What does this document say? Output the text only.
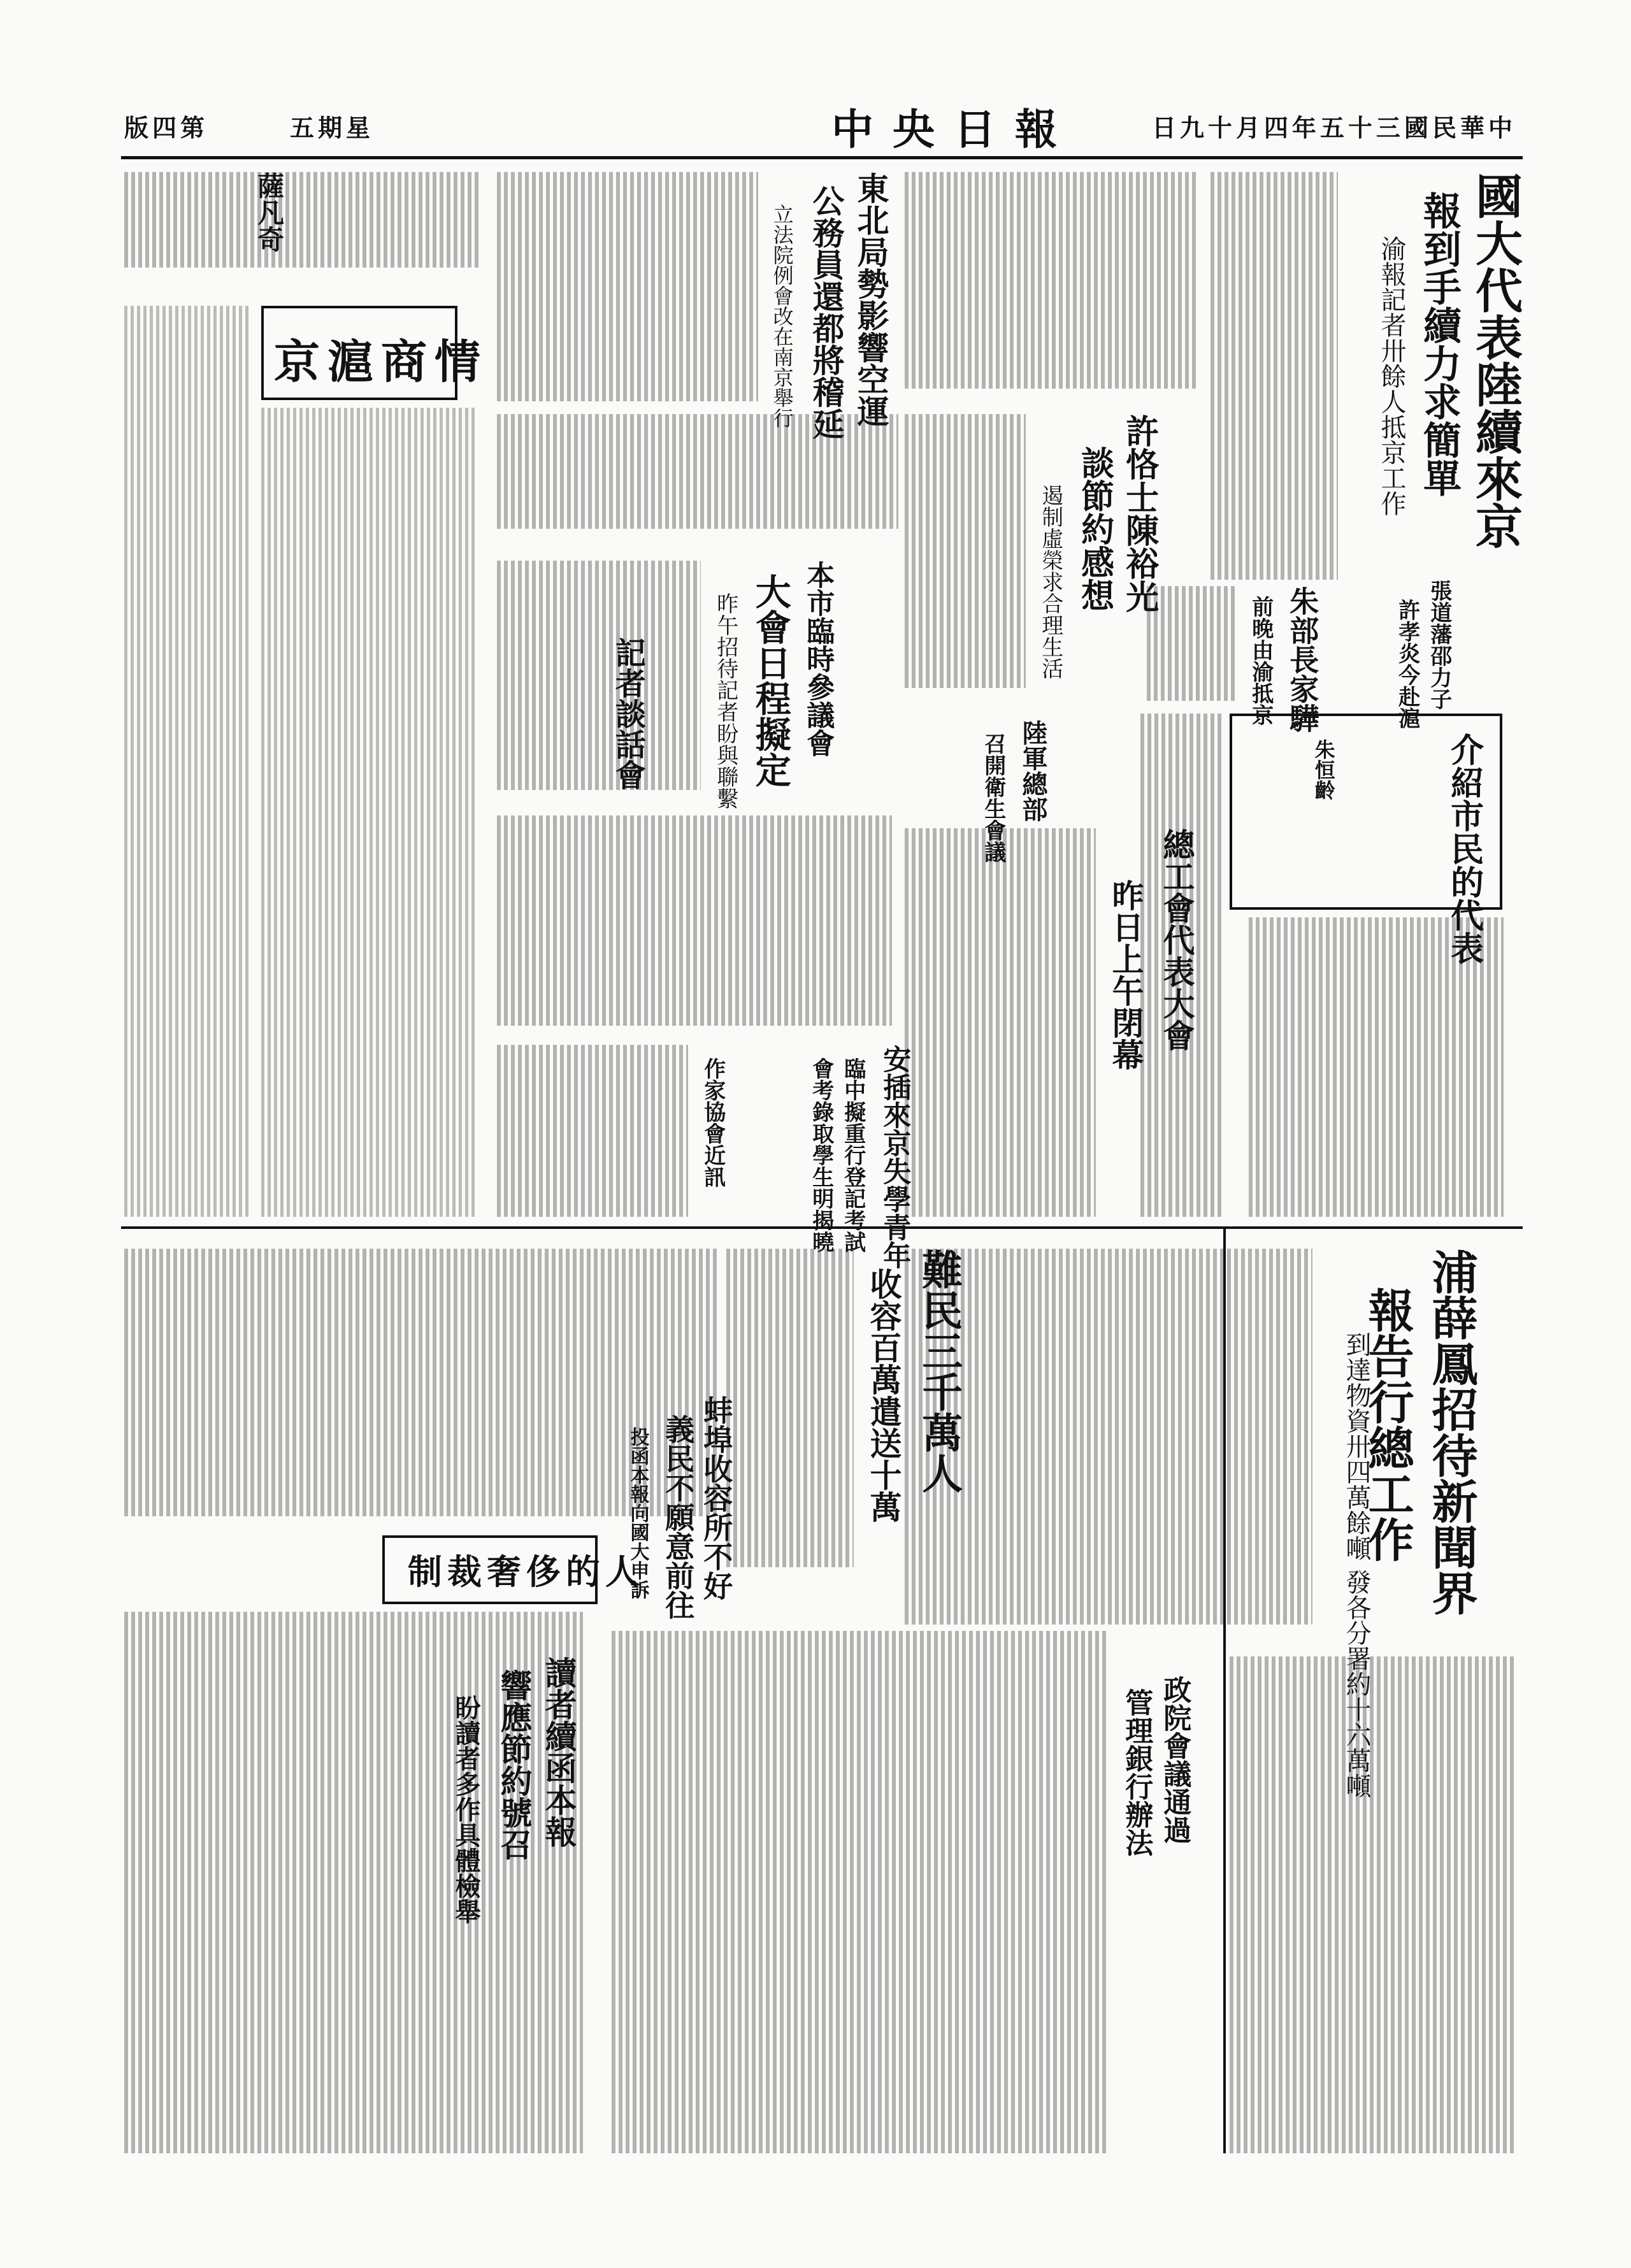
版四第	五期星	中央日報	日九十月四年五十三國民華中
國大代表陸續來京
報到手續力求簡單
渝報記者卅餘人抵京工作
許恪士陳裕光
談節約感想
遏制虛榮求合理生活	朱部長家驊
前晚由渝抵京	張道藩邵力子
許孝炎今赴滬
介紹市民的代表
朱恒齡
總工會代表大會
昨日上午閉幕
陸軍總部
召開衛生會議
東北局勢影響空運
公務員還都將稽延
立法院例會改在南京舉行
本市臨時參議會
大會日程擬定
昨午招待記者盼與聯繫
記者談話會
安插來京失學青年
臨中擬重行登記考試
會考錄取學生明揭曉
作家協會近訊
薩凡奇
京滬商情
浦薛鳳招待新聞界
報告行總工作
到達物資卅四萬餘噸 發各分署約十六萬噸
難民三千萬人
收容百萬遣送十萬
蚌埠收容所不好
義民不願意前往
投函本報向國大申訴
制裁奢侈的人
讀者續函本報
響應節約號召
盼讀者多作具體檢舉	政院會議通過
管理銀行辦法
